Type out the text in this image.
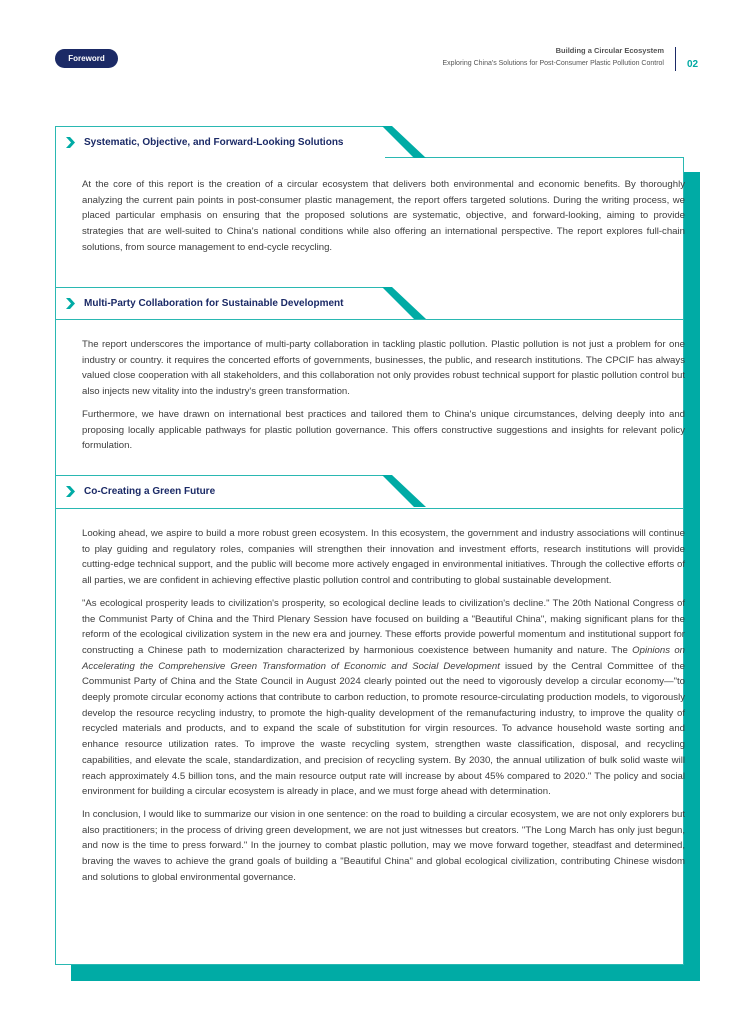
Foreword
Building a Circular Ecosystem
Exploring China's Solutions for Post-Consumer Plastic Pollution Control 02
Systematic, Objective, and Forward-Looking Solutions

At the core of this report is the creation of a circular ecosystem that delivers both environmental and economic benefits. By thoroughly analyzing the current pain points in post-consumer plastic management, the report offers targeted solutions. During the writing process, we placed particular emphasis on ensuring that the proposed solutions are systematic, objective, and forward-looking, aiming to provide strategies that are well-suited to China's national conditions while also offering an international perspective. The report explores full-chain solutions, from source management to end-cycle recycling.

Multi-Party Collaboration for Sustainable Development

The report underscores the importance of multi-party collaboration in tackling plastic pollution. Plastic pollution is not just a problem for one industry or country. it requires the concerted efforts of governments, businesses, the public, and research institutions. The CPCIF has always valued close cooperation with all stakeholders, and this collaboration not only provides robust technical support for plastic pollution control but also injects new vitality into the industry's green transformation.

Furthermore, we have drawn on international best practices and tailored them to China's unique circumstances, delving deeply into and proposing locally applicable pathways for plastic pollution governance. This offers constructive suggestions and insights for relevant policy formulation.

Co-Creating a Green Future

Looking ahead, we aspire to build a more robust green ecosystem. In this ecosystem, the government and industry associations will continue to play guiding and regulatory roles, companies will strengthen their innovation and investment efforts, research institutions will provide cutting-edge technical support, and the public will become more actively engaged in environmental initiatives. Through the collective efforts of all parties, we are confident in achieving effective plastic pollution control and contributing to global sustainable development.

"As ecological prosperity leads to civilization's prosperity, so ecological decline leads to civilization's decline." The 20th National Congress of the Communist Party of China and the Third Plenary Session have focused on building a "Beautiful China", making significant plans for the reform of the ecological civilization system in the new era and journey. These efforts provide powerful momentum and institutional support for constructing a Chinese path to modernization characterized by harmonious coexistence between humanity and nature. The Opinions on Accelerating the Comprehensive Green Transformation of Economic and Social Development issued by the Central Committee of the Communist Party of China and the State Council in August 2024 clearly pointed out the need to vigorously develop a circular economy—"to deeply promote circular economy actions that contribute to carbon reduction, to promote resource-circulating production models, to vigorously develop the resource recycling industry, to promote the high-quality development of the remanufacturing industry, to improve the quality of recycled materials and products, and to expand the scale of substitution for virgin resources. To advance household waste sorting and enhance resource utilization rates. To improve the waste recycling system, strengthen waste classification, disposal, and recycling capabilities, and elevate the scale, standardization, and precision of recycling system. By 2030, the annual utilization of bulk solid waste will reach approximately 4.5 billion tons, and the main resource output rate will increase by about 45% compared to 2020." The policy and social environment for building a circular ecosystem is already in place, and we must forge ahead with determination.

In conclusion, I would like to summarize our vision in one sentence: on the road to building a circular ecosystem, we are not only explorers but also practitioners; in the process of driving green development, we are not just witnesses but creators. "The Long March has only just begun, and now is the time to press forward." In the journey to combat plastic pollution, may we move forward together, steadfast and determined, braving the waves to achieve the grand goals of building a "Beautiful China" and global ecological civilization, contributing Chinese wisdom and solutions to global environmental governance.
